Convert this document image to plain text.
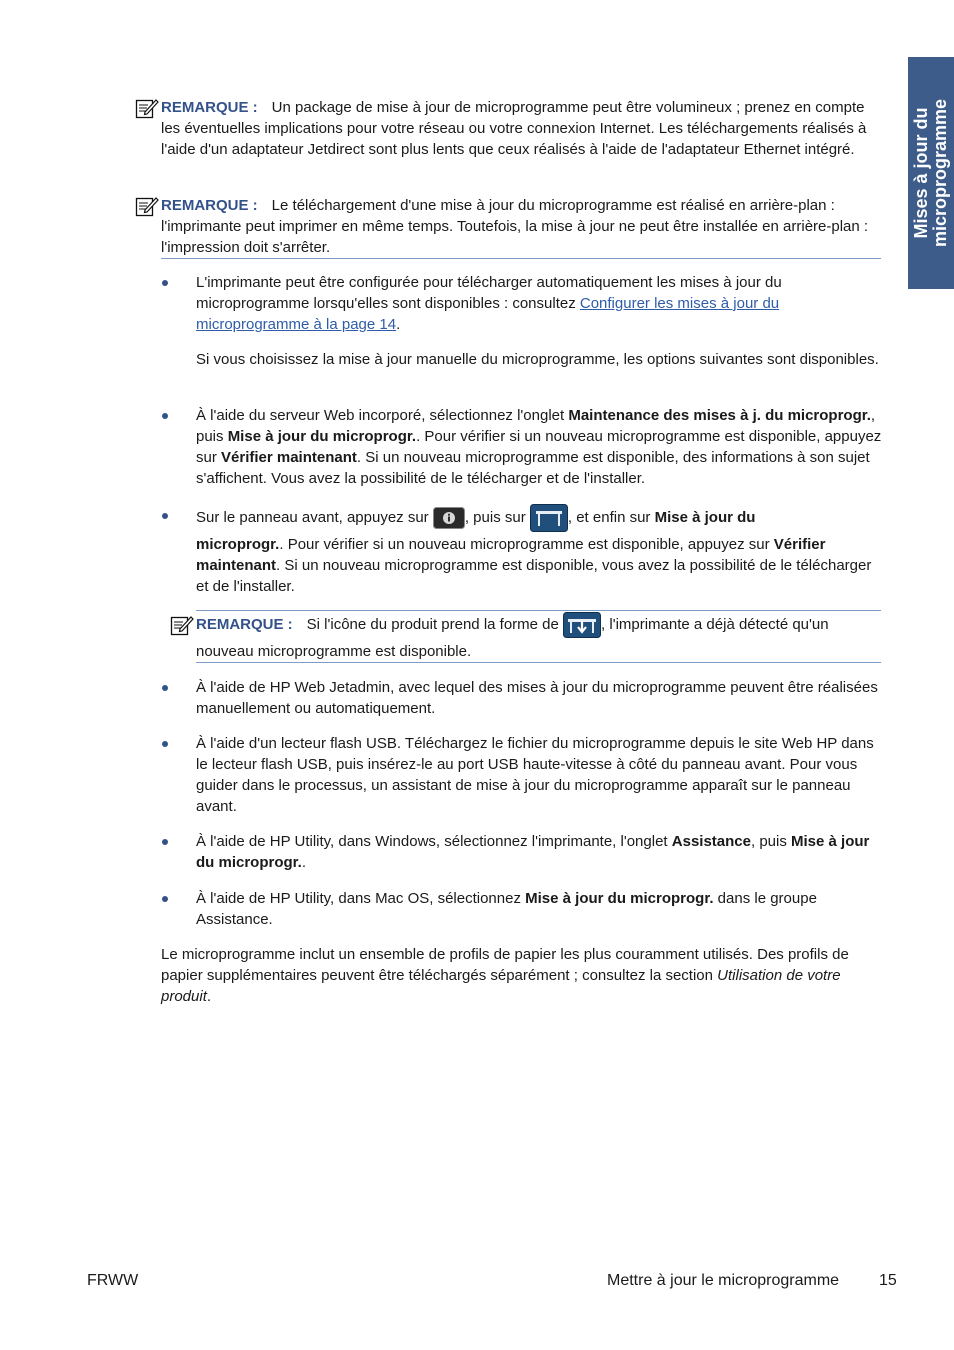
Mises à jour du microprogramme
REMARQUE : Un package de mise à jour de microprogramme peut être volumineux ; prenez en compte les éventuelles implications pour votre réseau ou votre connexion Internet. Les téléchargements réalisés à l'aide d'un adaptateur Jetdirect sont plus lents que ceux réalisés à l'aide de l'adaptateur Ethernet intégré.
REMARQUE : Le téléchargement d'une mise à jour du microprogramme est réalisé en arrière-plan : l'imprimante peut imprimer en même temps. Toutefois, la mise à jour ne peut être installée en arrière-plan : l'impression doit s'arrêter.
L'imprimante peut être configurée pour télécharger automatiquement les mises à jour du microprogramme lorsqu'elles sont disponibles : consultez Configurer les mises à jour du microprogramme à la page 14.
Si vous choisissez la mise à jour manuelle du microprogramme, les options suivantes sont disponibles.
À l'aide du serveur Web incorporé, sélectionnez l'onglet Maintenance des mises à j. du microprogr., puis Mise à jour du microprogr.. Pour vérifier si un nouveau microprogramme est disponible, appuyez sur Vérifier maintenant. Si un nouveau microprogramme est disponible, des informations à son sujet s'affichent. Vous avez la possibilité de le télécharger et de l'installer.
Sur le panneau avant, appuyez sur , puis sur	, et enfin sur Mise à jour du
microprogr.. Pour vérifier si un nouveau microprogramme est disponible, appuyez sur Vérifier maintenant. Si un nouveau microprogramme est disponible, vous avez la possibilité de le télécharger et de l'installer.
REMARQUE : Si l'icône du produit prend la forme de	, l'imprimante a déjà détecté qu'un
nouveau microprogramme est disponible.
À l'aide de HP Web Jetadmin, avec lequel des mises à jour du microprogramme peuvent être réalisées manuellement ou automatiquement.
À l'aide d'un lecteur flash USB. Téléchargez le fichier du microprogramme depuis le site Web HP dans le lecteur flash USB, puis insérez-le au port USB haute-vitesse à côté du panneau avant. Pour vous guider dans le processus, un assistant de mise à jour du microprogramme apparaît sur le panneau avant.
À l'aide de HP Utility, dans Windows, sélectionnez l'imprimante, l'onglet Assistance, puis Mise à jour du microprogr..
À l'aide de HP Utility, dans Mac OS, sélectionnez Mise à jour du microprogr. dans le groupe Assistance.
Le microprogramme inclut un ensemble de profils de papier les plus couramment utilisés. Des profils de papier supplémentaires peuvent être téléchargés séparément ; consultez la section Utilisation de votre produit.
FRWW	Mettre à jour le microprogramme 15
